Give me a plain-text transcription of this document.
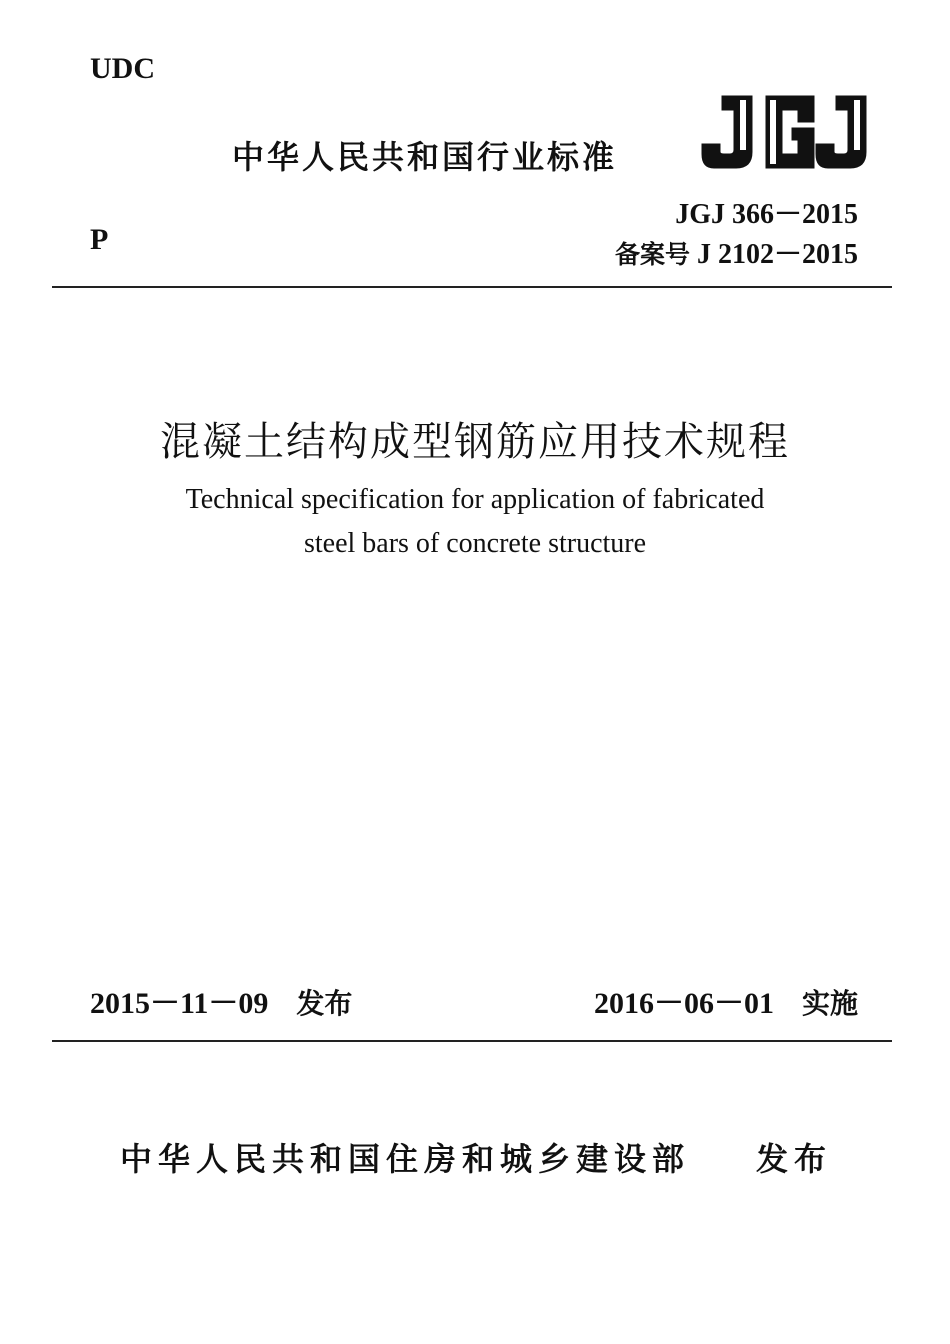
UDC
中华人民共和国行业标准
P
JGJ 366－2015
备案号 J 2102－2015
混凝土结构成型钢筋应用技术规程
Technical specification for application of fabricated
steel bars of concrete structure
2015－11－09 发布	2016－06－01 实施
中华人民共和国住房和城乡建设部 发布
